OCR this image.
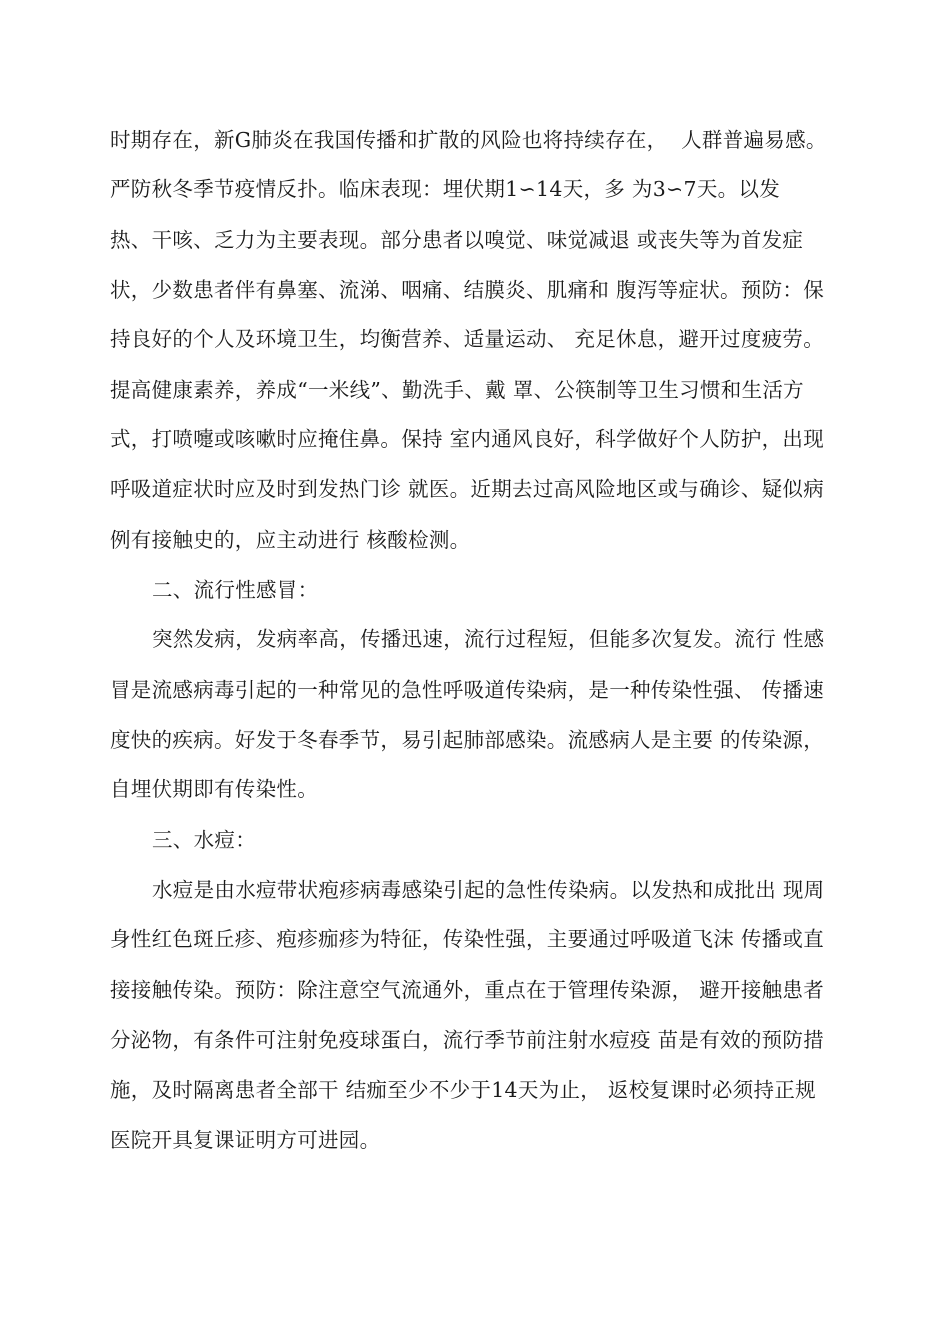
时期存在，新G肺炎在我国传播和扩散的风险也将持续存在，  人群普遍易感。
严防秋冬季节疫情反扑。临床表现：埋伏期1∽14天，多 为3∽7天。以发
热、干咳、乏力为主要表现。部分患者以嗅觉、味觉减退 或丧失等为首发症
状，少数患者伴有鼻塞、流涕、咽痛、结膜炎、肌痛和 腹泻等症状。预防：保
持良好的个人及环境卫生，均衡营养、适量运动、 充足休息，避开过度疲劳。
提高健康素养，养成“一米线”、勤洗手、戴 罩、公筷制等卫生习惯和生活方
式，打喷嚏或咳嗽时应掩住鼻。保持 室内通风良好，科学做好个人防护，出现
呼吸道症状时应及时到发热门诊 就医。近期去过高风险地区或与确诊、疑似病
例有接触史的，应主动进行 核酸检测。
二、流行性感冒：
突然发病，发病率高，传播迅速，流行过程短，但能多次复发。流行 性感
冒是流感病毒引起的一种常见的急性呼吸道传染病，是一种传染性强、 传播速
度快的疾病。好发于冬春季节，易引起肺部感染。流感病人是主要 的传染源，
自埋伏期即有传染性。
三、水痘：
水痘是由水痘带状疱疹病毒感染引起的急性传染病。以发热和成批出 现周
身性红色斑丘疹、疱疹痂疹为特征，传染性强，主要通过呼吸道飞沫 传播或直
接接触传染。预防：除注意空气流通外，重点在于管理传染源， 避开接触患者
分泌物，有条件可注射免疫球蛋白，流行季节前注射水痘疫 苗是有效的预防措
施，及时隔离患者全部干 结痂至少不少于14天为止， 返校复课时必须持正规
医院开具复课证明方可进园。
